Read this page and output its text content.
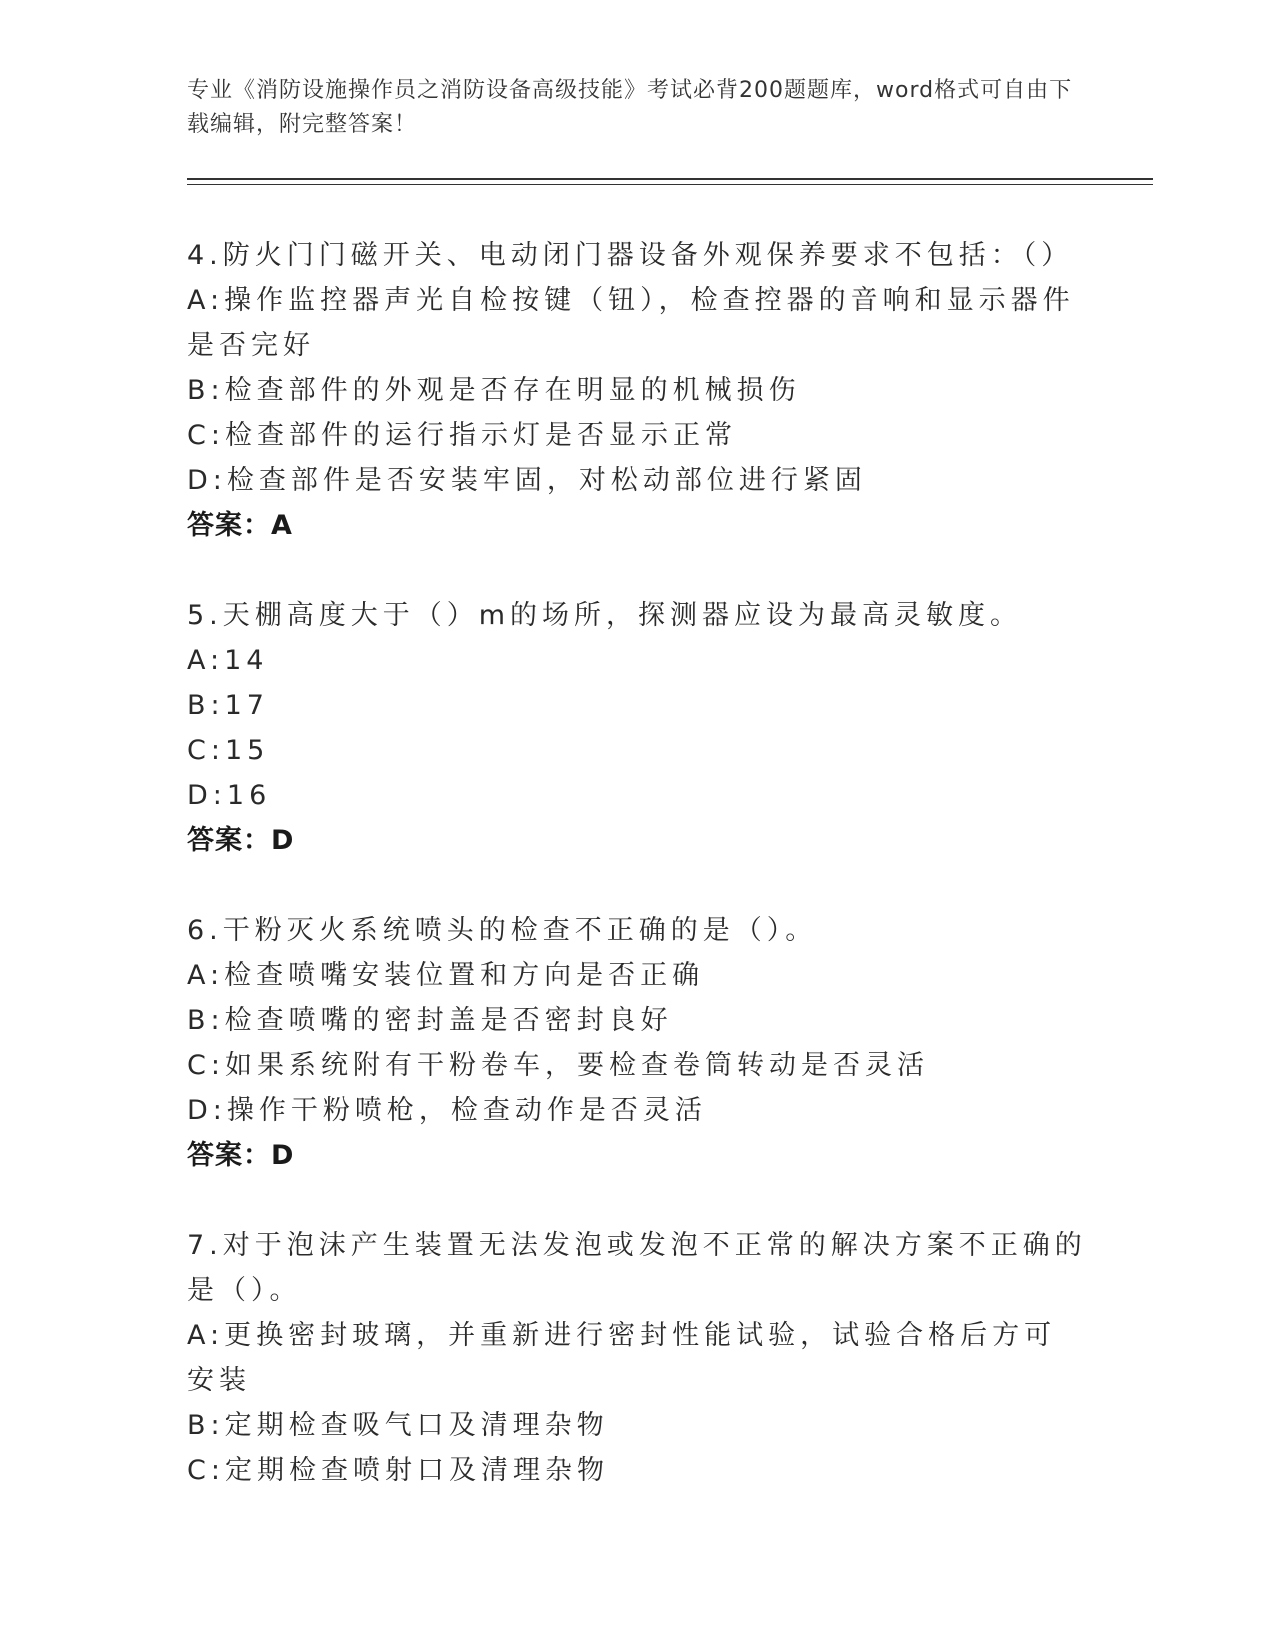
专业《消防设施操作员之消防设备高级技能》考试必背200题题库，word格式可自由下载编辑，附完整答案！
4.防火门门磁开关、电动闭门器设备外观保养要求不包括：（）
A:操作监控器声光自检按键（钮），检查控器的音响和显示器件是否完好
B:检查部件的外观是否存在明显的机械损伤
C:检查部件的运行指示灯是否显示正常
D:检查部件是否安装牢固，对松动部位进行紧固
答案：A
5.天棚高度大于（）m的场所，探测器应设为最高灵敏度。
A:14
B:17
C:15
D:16
答案：D
6.干粉灭火系统喷头的检查不正确的是（）。
A:检查喷嘴安装位置和方向是否正确
B:检查喷嘴的密封盖是否密封良好
C:如果系统附有干粉卷车，要检查卷筒转动是否灵活
D:操作干粉喷枪，检查动作是否灵活
答案：D
7.对于泡沫产生装置无法发泡或发泡不正常的解决方案不正确的是（）。
A:更换密封玻璃，并重新进行密封性能试验，试验合格后方可安装
B:定期检查吸气口及清理杂物
C:定期检查喷射口及清理杂物
